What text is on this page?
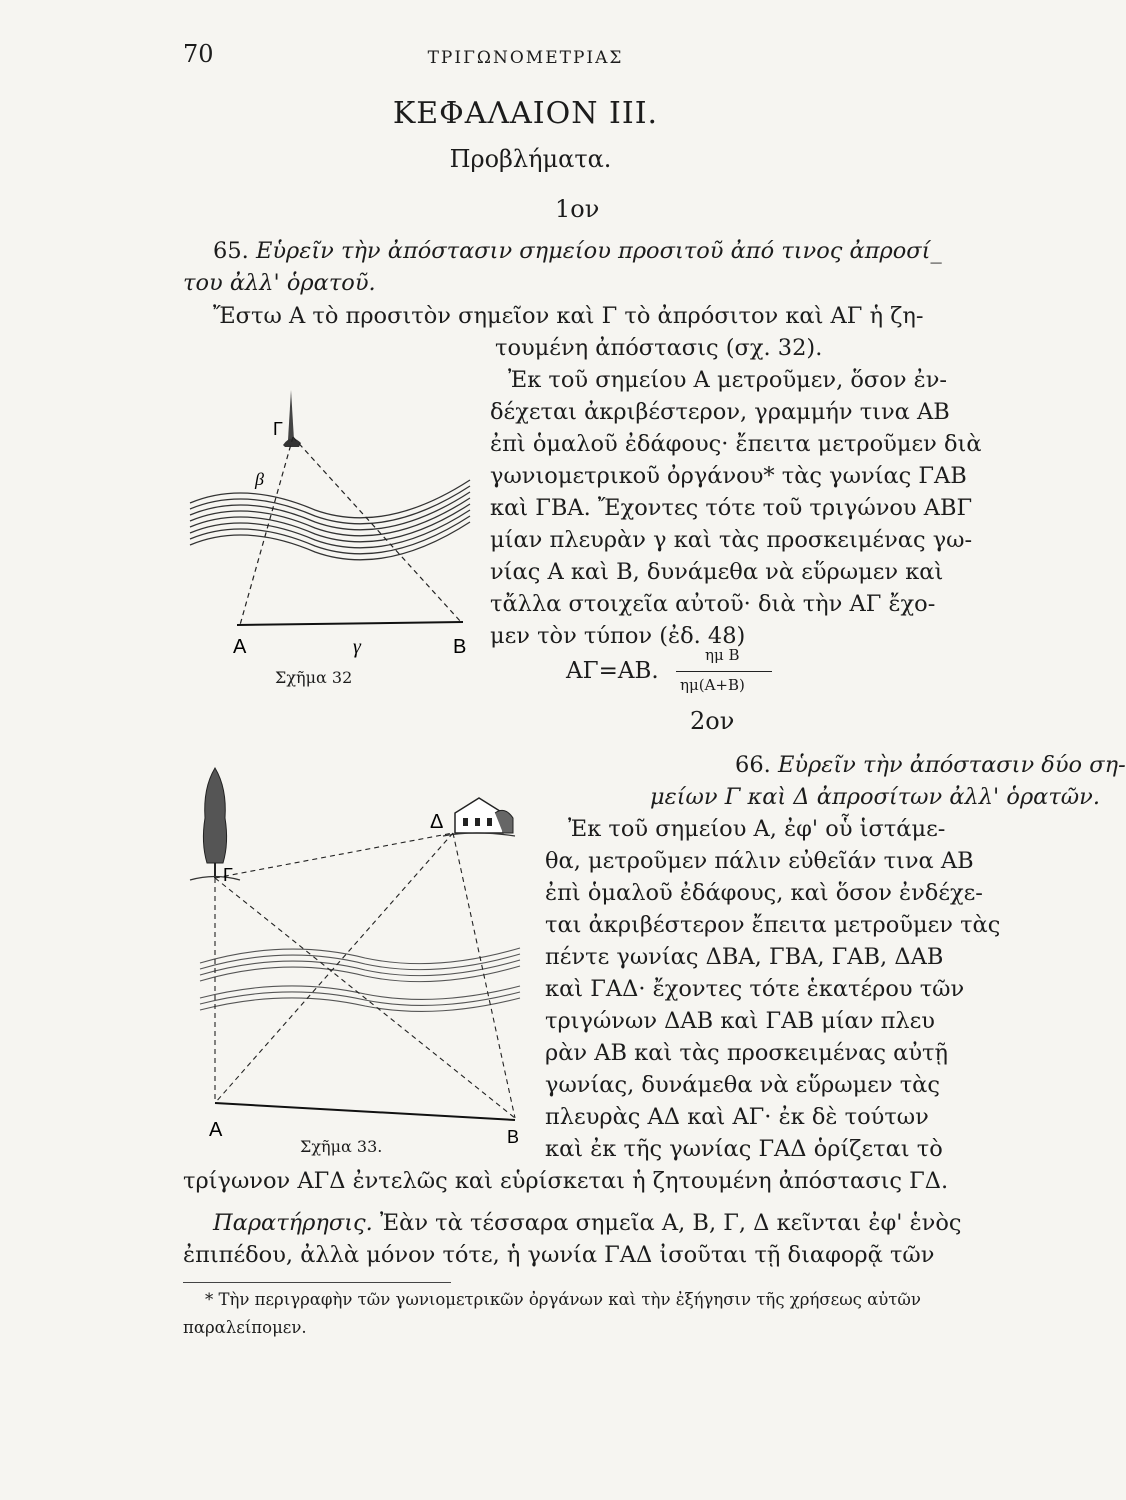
70	ΤΡΙΓΩΝΟΜΕΤΡΙΑΣ
ΚΕΦΑΛΑΙΟΝ III.
Προβλήματα.
1ον
65. Εὑρεῖν τὴν ἀπόστασιν σημείου προσιτοῦ ἀπό τινος ἀπροσί_
του ἀλλ' ὁρατοῦ.
Ἔστω Α τὸ προσιτὸν σημεῖον καὶ Γ τὸ ἀπρόσιτον καὶ ΑΓ ἡ ζη-
τουμένη ἀπόστασις (σχ. 32).
Ἐκ τοῦ σημείου Α μετροῦμεν, ὅσον ἐν-
δέχεται ἀκριβέστερον, γραμμήν τινα ΑΒ
ἐπὶ ὁμαλοῦ ἐδάφους· ἔπειτα μετροῦμεν διὰ
γωνιομετρικοῦ ὀργάνου* τὰς γωνίας ΓΑΒ
καὶ ΓΒΑ. Ἔχοντες τότε τοῦ τριγώνου ΑΒΓ
μίαν πλευρὰν γ καὶ τὰς προσκειμένας γω-
νίας Α καὶ Β, δυνάμεθα νὰ εὕρωμεν καὶ
τἄλλα στοιχεῖα αὐτοῦ· διὰ τὴν ΑΓ ἔχο-
μεν τὸν τύπον (ἐδ. 48)
ΑΓ=ΑΒ.
ημ Β
ημ(Α+Β)
Α	γ	Β
Γ
β
Σχῆμα 32
2ον
66. Εὑρεῖν τὴν ἀπόστασιν δύο ση-
μείων Γ καὶ Δ ἀπροσίτων ἀλλ' ὁρατῶν.
Ἐκ τοῦ σημείου Α, ἐφ' οὗ ἱστάμε-
θα, μετροῦμεν πάλιν εὐθεῖάν τινα ΑΒ
ἐπὶ ὁμαλοῦ ἐδάφους, καὶ ὅσον ἐνδέχε-
ται ἀκριβέστερον ἔπειτα μετροῦμεν τὰς
πέντε γωνίας ΔΒΑ, ΓΒΑ, ΓΑΒ, ΔΑΒ
καὶ ΓΑΔ· ἔχοντες τότε ἑκατέρου τῶν
τριγώνων ΔΑΒ καὶ ΓΑΒ μίαν πλευ
ρὰν ΑΒ καὶ τὰς προσκειμένας αὐτῇ
γωνίας, δυνάμεθα νὰ εὕρωμεν τὰς
πλευρὰς ΑΔ καὶ ΑΓ· ἐκ δὲ τούτων
καὶ ἐκ τῆς γωνίας ΓΑΔ ὁρίζεται τὸ
Α	Β
Γ
Δ
Σχῆμα 33.
τρίγωνον ΑΓΔ ἐντελῶς καὶ εὑρίσκεται ἡ ζητουμένη ἀπόστασις ΓΔ.
Παρατήρησις. Ἐὰν τὰ τέσσαρα σημεῖα Α, Β, Γ, Δ κεῖνται ἐφ' ἑνὸς
ἐπιπέδου, ἀλλὰ μόνον τότε, ἡ γωνία ΓΑΔ ἰσοῦται τῇ διαφορᾷ τῶν
* Τὴν περιγραφὴν τῶν γωνιομετρικῶν ὀργάνων καὶ τὴν ἐξήγησιν τῆς χρήσεως αὐτῶν
παραλείπομεν.
